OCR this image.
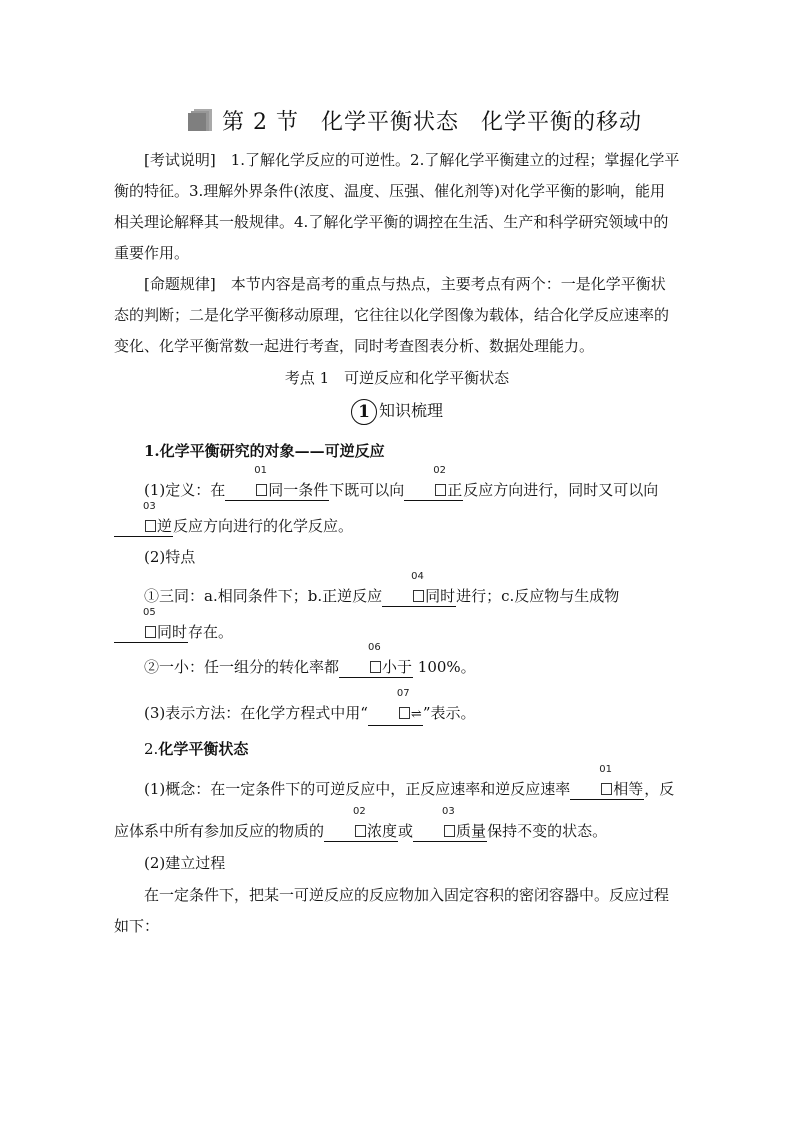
第 2 节 化学平衡状态 化学平衡的移动
[考试说明]　 1.了解化学反应的可逆性。2.了解化学平衡建立的过程；掌握化学平衡的特征。3.理解外界条件(浓度、温度、压强、催化剂等)对化学平衡的影响，能用相关理论解释其一般规律。4.了解化学平衡的调控在生活、生产和科学研究领域中的重要作用。
[命题规律]　 本节内容是高考的重点与热点，主要考点有两个：一是化学平衡状态的判断；二是化学平衡移动原理，它往往以化学图像为载体，结合化学反应速率的变化、化学平衡常数一起进行考查，同时考查图表分析、数据处理能力。
考点 1　可逆反应和化学平衡状态
1 知识梳理
1.化学平衡研究的对象——可逆反应
(1)定义：在
01
同一条件下既可以向
02
正反应方向进行，同时又可以向
03
逆反应方向进行的化学反应。
(2)特点
①三同：a.相同条件下；b.正逆反应
04
同时进行；c.反应物与生成物
05
同时存在。
②一小：任一组分的转化率都
06
小于 100%。
(3)表示方法：在化学方程式中用“
07
⇌”表示。
2.化学平衡状态
(1)概念：在一定条件下的可逆反应中，正反应速率和逆反应速率
01
相等，反应体系中所有参加反应的物质的
02
浓度或
03
质量保持不变的状态。
(2)建立过程
在一定条件下，把某一可逆反应的反应物加入固定容积的密闭容器中。反应过程如下：
